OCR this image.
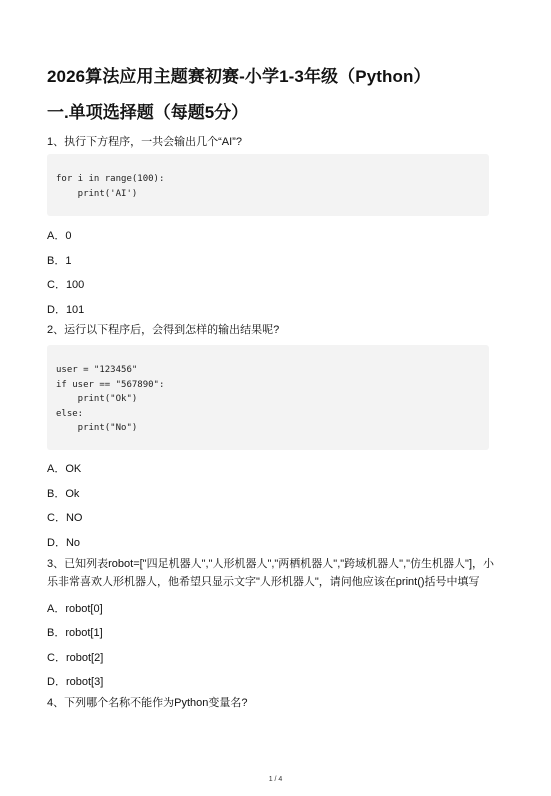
2026算法应用主题赛初赛-小学1-3年级（Python）
一.单项选择题（每题5分）
1、执行下方程序，一共会输出几个“AI”?
for i in range(100):
print('AI')
A．0
B．1
C．100
D．101
2、运行以下程序后，会得到怎样的输出结果呢?
user = "123456"
if user == "567890":
print("Ok")
else:
print("No")
A．OK
B．Ok
C．NO
D．No
3、已知列表robot=["四足机器人","人形机器人","两栖机器人","跨域机器人","仿生机器人"]，小乐非常喜欢人形机器人，他希望只显示文字"人形机器人"，请问他应该在print()括号中填写
A．robot[0]
B．robot[1]
C．robot[2]
D．robot[3]
4、下列哪个名称不能作为Python变量名?
1 / 4
